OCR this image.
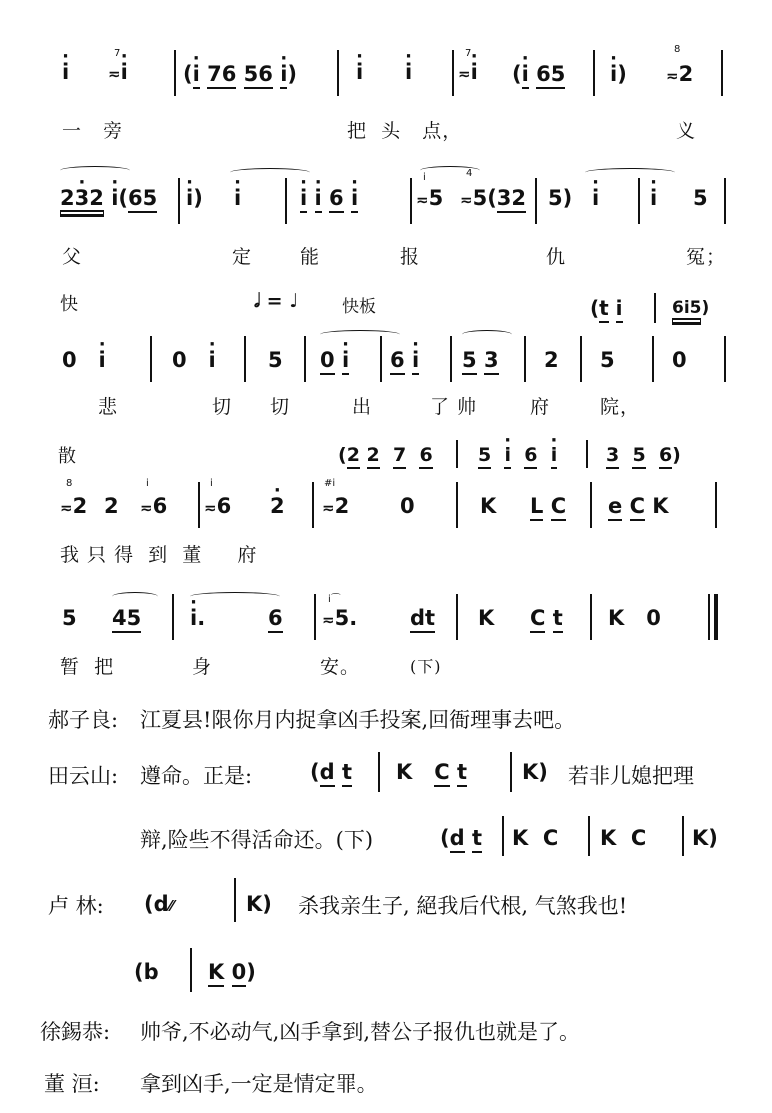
· i	≂· i
7
(· i 76 56 · i)	· i · i	≂· i
7
(· i 65 · i)	≂2
8
一   旁	把  头   点，	义
2· 32 · i(65 · i) · i	· i · i 6 · i	≂5
i
≂5(32
4
5) · i · i 5
父	定	能	报	仇	冤；
快	𝅗𝅥 = ♩	快板	(t i	6i5)
0   · i	0   · i 5 0 · i 6 · i 5 3 2 5	0
悲	切 切	出	了 帅	府	院，
散	(2 2 7 6 5 · i 6 · i	3 5 6)
≂2
8
2 ≂6
i
≂6
i
· 2 ≂2
#i
0	K L C e C K
我 只 得  到  董     府
5 45 · i.	6	≂5.
i⌒
dt K C t K   0
暂  把	身	安。	(下)
郝子良: 江夏县!限你月内捉拿凶手投案,回衙理事去吧。
田云山: 遵命。正是:	(d t K   C t	K) 若非儿媳把理
辩,险些不得活命还。(下)	(d t K  C K  C K)
卢 林: (d⁄⁄	K) 杀我亲生子, 絕我后代根, 气煞我也!
(b K 0)
徐錫恭: 帅爷,不必动气,凶手拿到,替公子报仇也就是了。
董 洹: 拿到凶手,一定是情定罪。
